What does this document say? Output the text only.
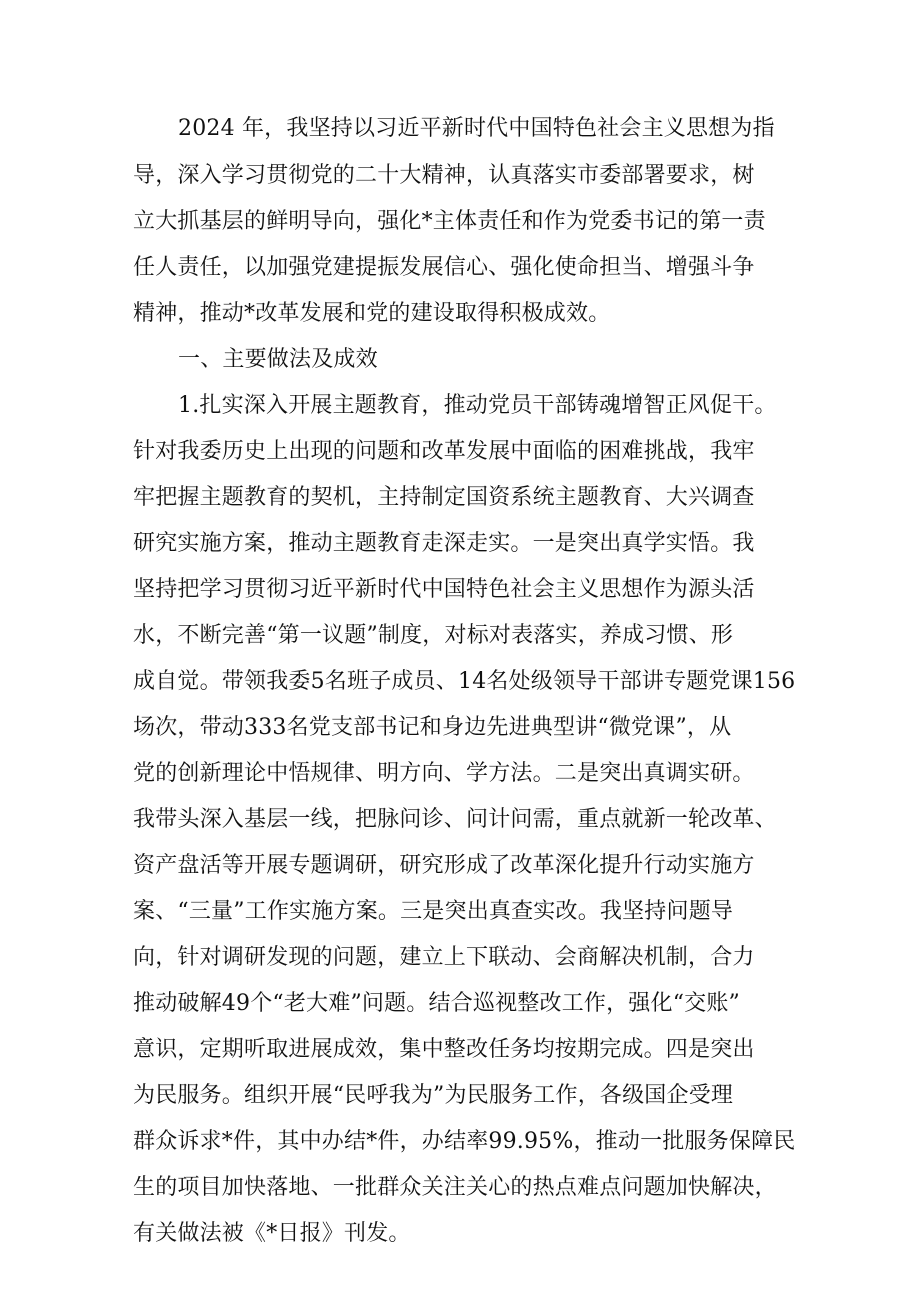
2024 年，我坚持以习近平新时代中国特色社会主义思想为指
导，深入学习贯彻党的二十大精神，认真落实市委部署要求，树
立大抓基层的鲜明导向，强化*主体责任和作为党委书记的第一责
任人责任，以加强党建提振发展信心、强化使命担当、增强斗争
精神，推动*改革发展和党的建设取得积极成效。
一、主要做法及成效
1.扎实深入开展主题教育，推动党员干部铸魂增智正风促干。
针对我委历史上出现的问题和改革发展中面临的困难挑战，我牢
牢把握主题教育的契机，主持制定国资系统主题教育、大兴调查
研究实施方案，推动主题教育走深走实。一是突出真学实悟。我
坚持把学习贯彻习近平新时代中国特色社会主义思想作为源头活
水，不断完善“第一议题”制度，对标对表落实，养成习惯、形
成自觉。带领我委5名班子成员、14名处级领导干部讲专题党课156
场次，带动333名党支部书记和身边先进典型讲“微党课”，从
党的创新理论中悟规律、明方向、学方法。二是突出真调实研。
我带头深入基层一线，把脉问诊、问计问需，重点就新一轮改革、
资产盘活等开展专题调研，研究形成了改革深化提升行动实施方
案、“三量”工作实施方案。三是突出真查实改。我坚持问题导
向，针对调研发现的问题，建立上下联动、会商解决机制，合力
推动破解49个“老大难”问题。结合巡视整改工作，强化“交账”
意识，定期听取进展成效，集中整改任务均按期完成。四是突出
为民服务。组织开展“民呼我为”为民服务工作，各级国企受理
群众诉求*件，其中办结*件，办结率99.95%，推动一批服务保障民
生的项目加快落地、一批群众关注关心的热点难点问题加快解决，
有关做法被《*日报》刊发。
